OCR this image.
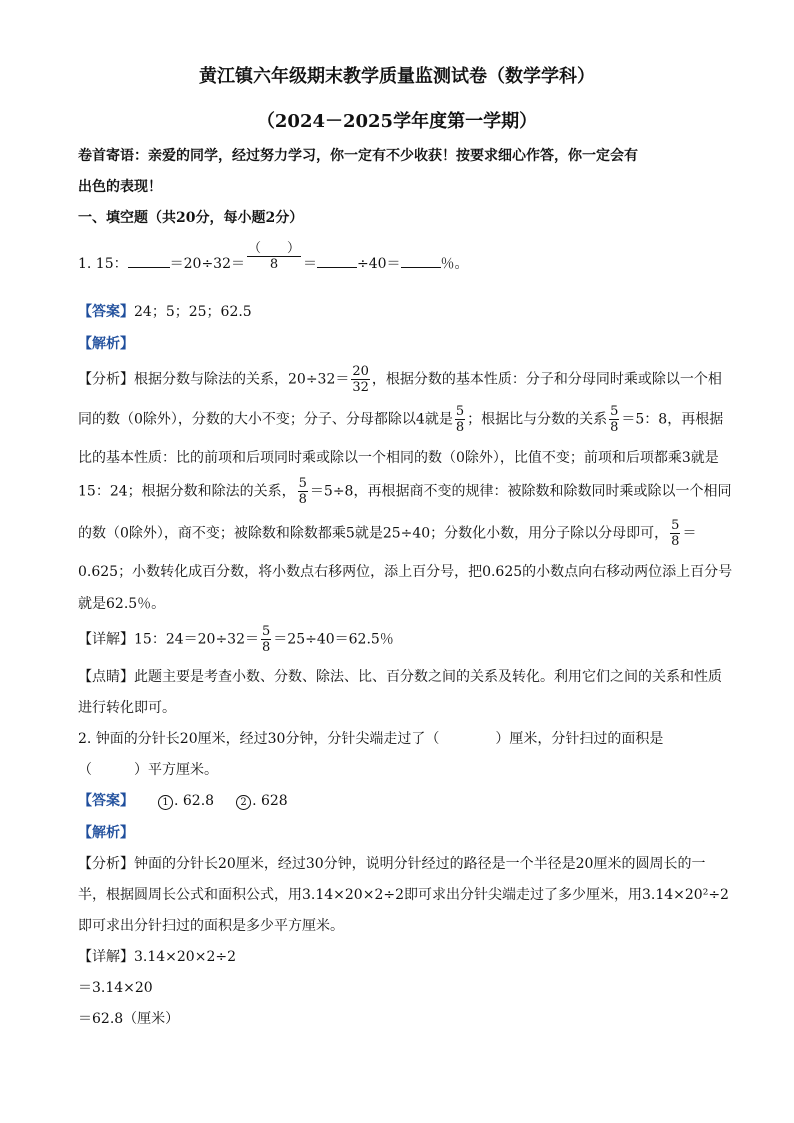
黄江镇六年级期末教学质量监测试卷（数学学科）
（2024－2025学年度第一学期）
卷首寄语：亲爱的同学，经过努力学习，你一定有不少收获！按要求细心作答，你一定会有
出色的表现！
一、填空题（共20分，每小题2分）
1. 15：	$=20\div 32= \frac{( )}{8}$ ＝	÷40＝	％。
【答案】24；5；25；62.5
【解析】
【分析】根据分数与除法的关系，$20\div 32= \frac{20}{32}$ ，根据分数的基本性质：分子和分母同时乘或除以一个相
同的数（0除外），分数的大小不变；分子、分母都除以4就是 $\frac{5}{8}$ ；根据比与分数的关系 $\frac{5}{8} =5$：8，再根据
比的基本性质：比的前项和后项同时乘或除以一个相同的数（0除外），比值不变；前项和后项都乘3就是
15：24；根据分数和除法的关系， $\frac{5}{8} =5\div 8$，再根据商不变的规律：被除数和除数同时乘或除以一个相同
的数（0除外），商不变；被除数和除数都乘5就是25÷40；分数化小数，用分子除以分母即可， $\frac{5}{8}$ ＝
0.625；小数转化成百分数，将小数点右移两位，添上百分号，把0.625的小数点向右移动两位添上百分号
就是62.5％。
【详解】15：$24=20\div 32= \frac{5}{8} =25\div 40=62.5$％
【点睛】此题主要是考查小数、分数、除法、比、百分数之间的关系及转化。利用它们之间的关系和性质
进行转化即可。
2. 钟面的分针长20厘米，经过30分钟，分针尖端走过了（　　　　）厘米，分针扫过的面积是
（　　　）平方厘米。
【答案】	1 . 62.8	2 . 628
【解析】
【分析】钟面的分针长20厘米，经过30分钟，说明分针经过的路径是一个半径是20厘米的圆周长的一
半，根据圆周长公式和面积公式，用3.14×20×2÷2即可求出分针尖端走过了多少厘米，用3.14×20²÷2
即可求出分针扫过的面积是多少平方厘米。
【详解】3.14×20×2÷2
＝3.14×20
＝62.8（厘米）
